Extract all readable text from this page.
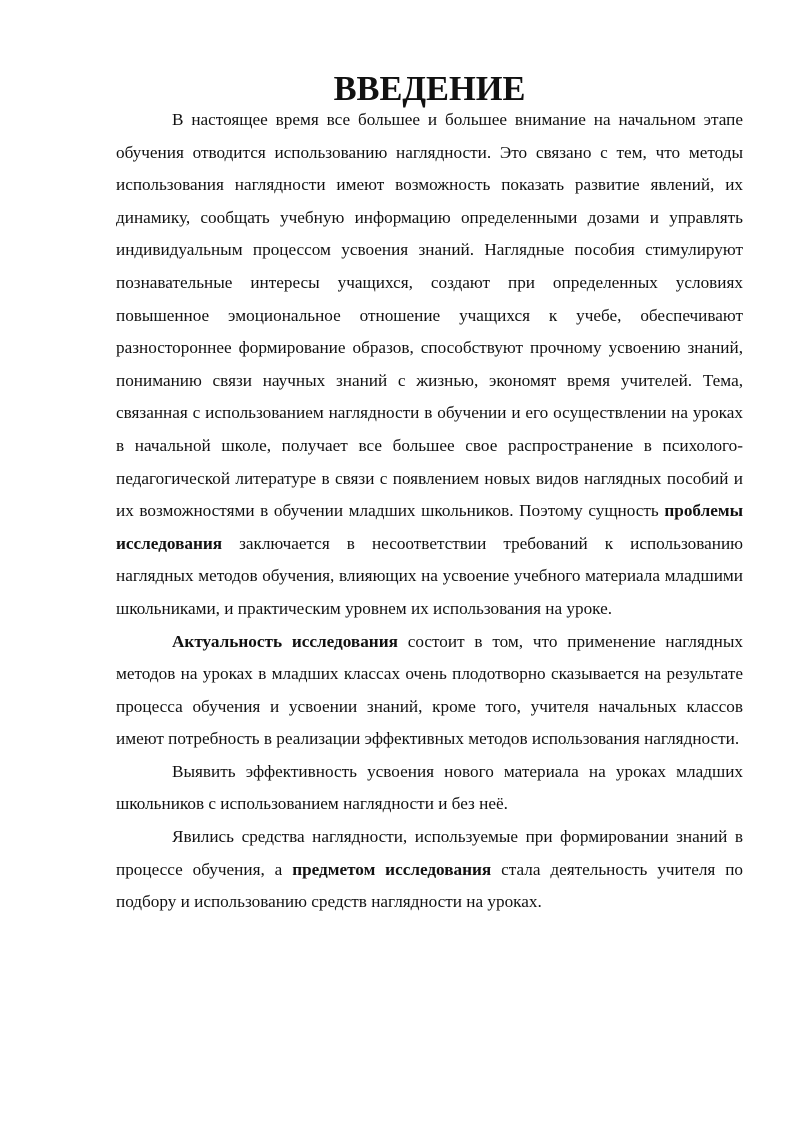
ВВЕДЕНИЕ

В настоящее время все большее и большее внимание на начальном этапе обучения отводится использованию наглядности. Это связано с тем, что методы использования наглядности имеют возможность показать развитие явлений, их динамику, сообщать учебную информацию определенными дозами и управлять индивидуальным процессом усвоения знаний. Наглядные пособия стимулируют познавательные интересы учащихся, создают при определенных условиях повышенное эмоциональное отношение учащихся к учебе, обеспечивают разностороннее формирование образов, способствуют прочному усвоению знаний, пониманию связи научных знаний с жизнью, экономят время учителей. Тема, связанная с использованием наглядности в обучении и его осуществлении на уроках в начальной школе, получает все большее свое распространение в психолого-педагогической литературе в связи с появлением новых видов наглядных пособий и их возможностями в обучении младших школьников. Поэтому сущность проблемы исследования заключается в несоответствии требований к использованию наглядных методов обучения, влияющих на усвоение учебного материала младшими школьниками, и практическим уровнем их использования на уроке.

Актуальность исследования состоит в том, что применение наглядных методов на уроках в младших классах очень плодотворно сказывается на результате процесса обучения и усвоении знаний, кроме того, учителя начальных классов имеют потребность в реализации эффективных методов использования наглядности.

Выявить эффективность усвоения нового материала на уроках младших школьников с использованием наглядности и без неё.

Явились средства наглядности, используемые при формировании знаний в процессе обучения, а предметом исследования стала деятельность учителя по подбору и использованию средств наглядности на уроках.
